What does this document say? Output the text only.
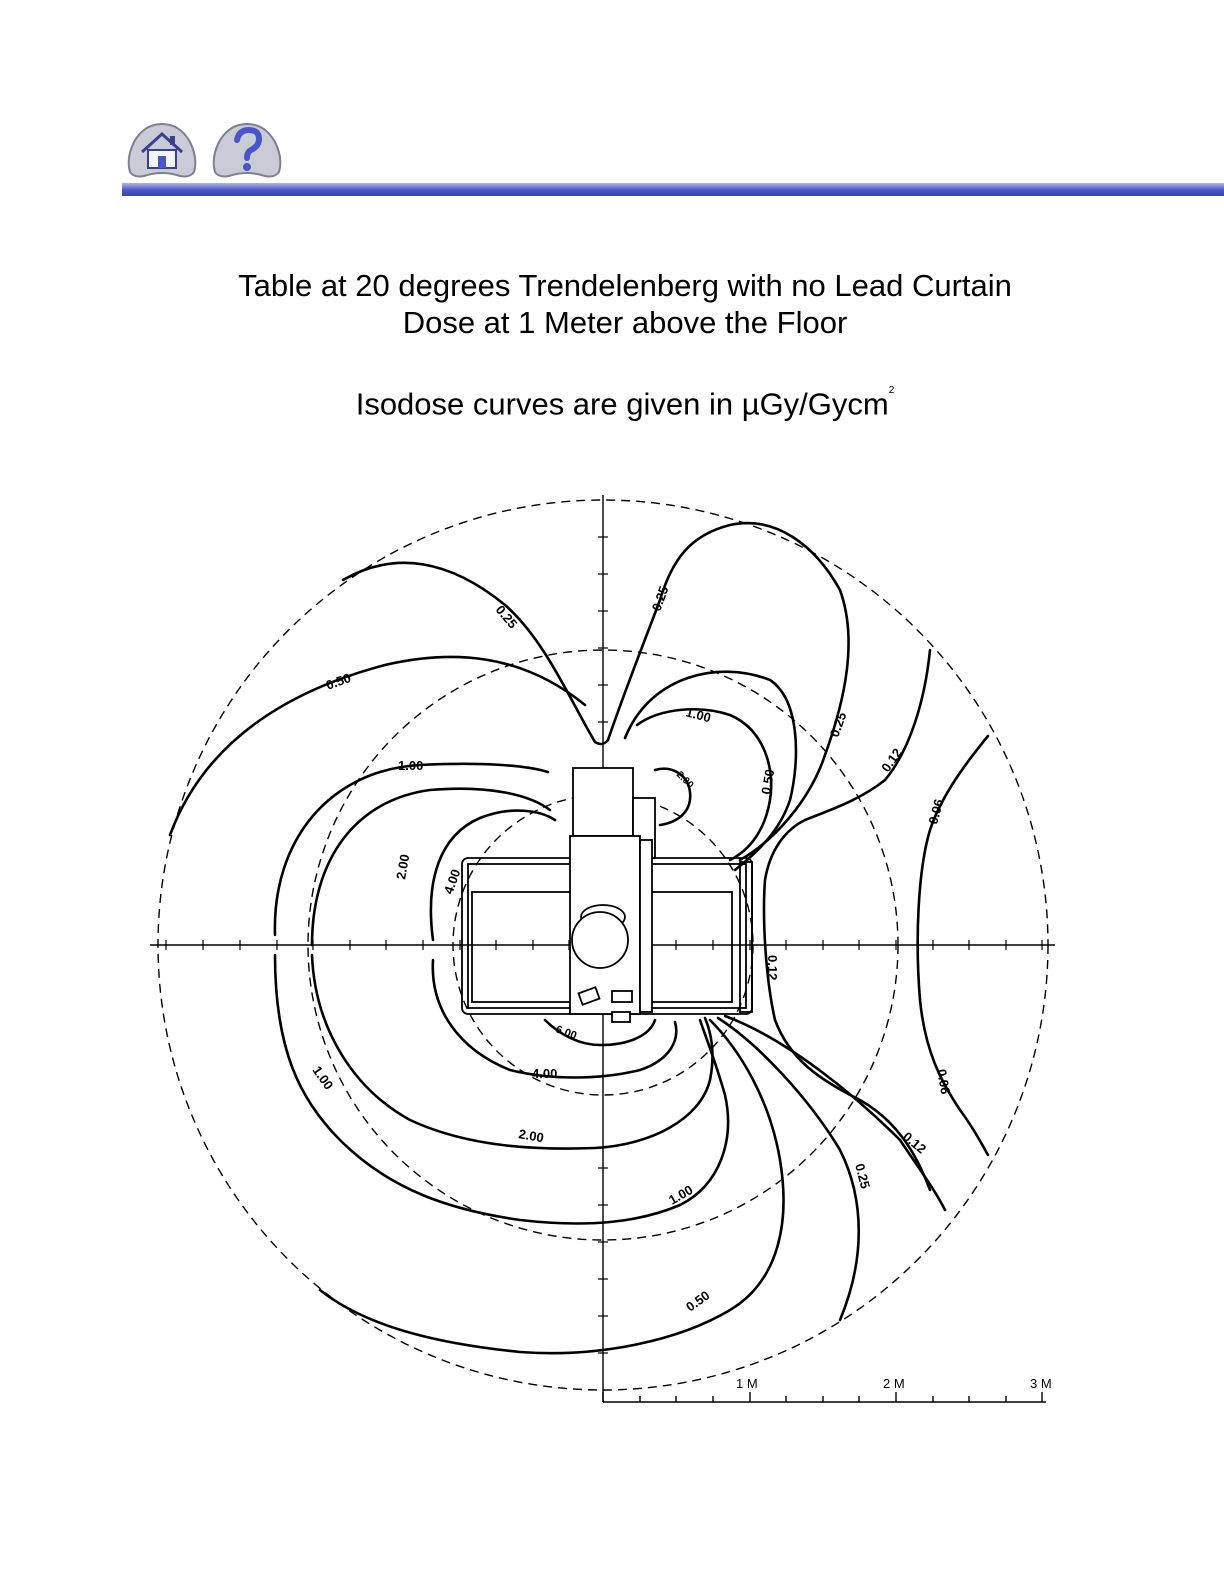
Table at 20 degrees Trendelenberg with no Lead Curtain
Dose at 1 Meter above the Floor
Isodose curves are given in µGy/Gycm$^2$
0.25
0.25
0.50
1.00
1.00
2.00
4.00
2.00
1.00
0.50
0.25
0.12
0.06
0.12
4.00
2.00
1.00
0.50
0.25
0.12
0.06
6.00
1 M	2 M	3 M
